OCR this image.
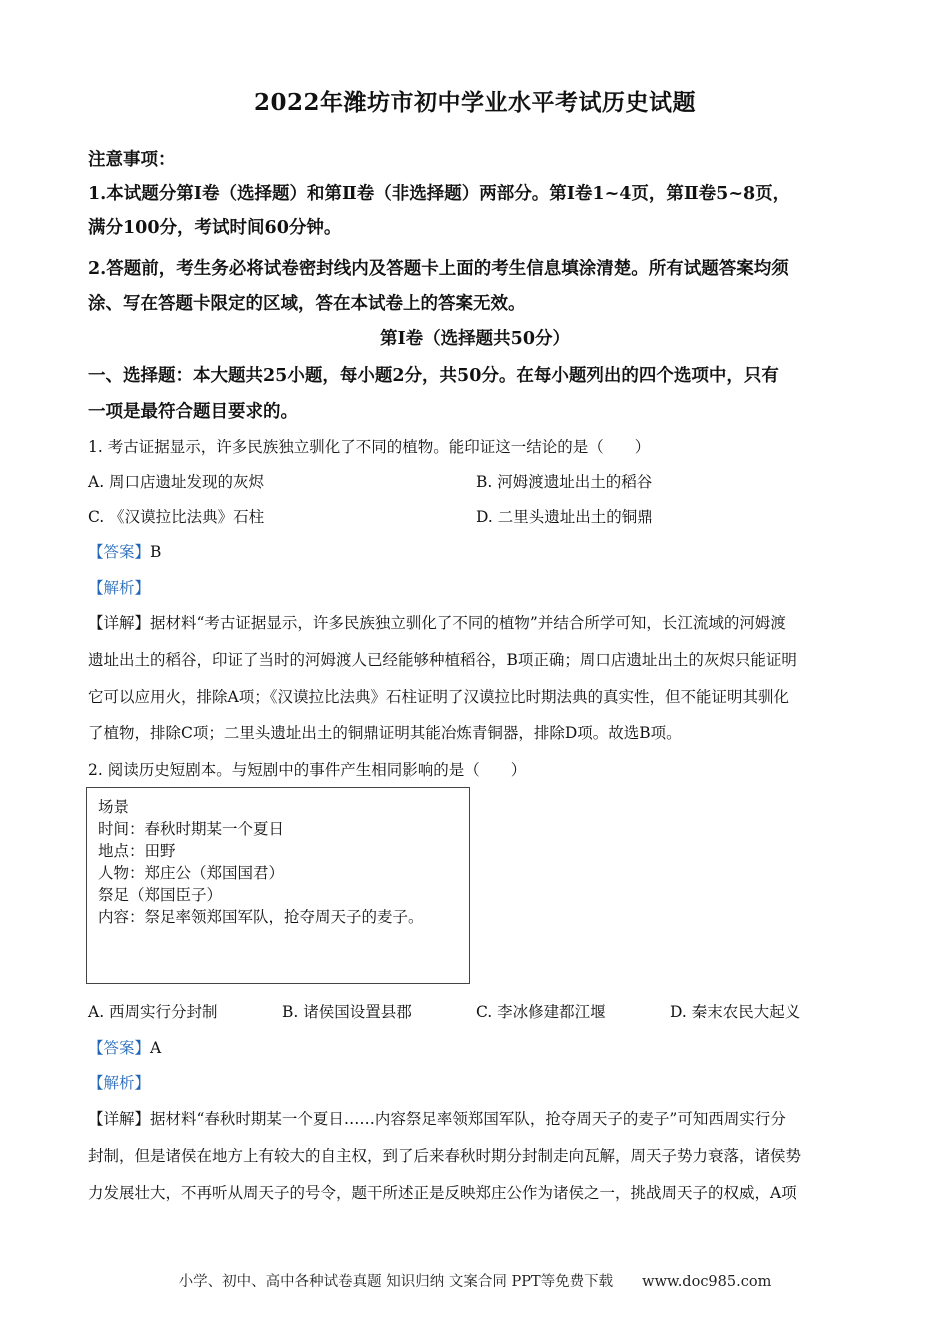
2022年潍坊市初中学业水平考试历史试题
注意事项：
1.本试题分第Ⅰ卷（选择题）和第Ⅱ卷（非选择题）两部分。第Ⅰ卷1~4页，第Ⅱ卷5~8页，
满分100分，考试时间60分钟。
2.答题前，考生务必将试卷密封线内及答题卡上面的考生信息填涂清楚。所有试题答案均须
涂、写在答题卡限定的区域，答在本试卷上的答案无效。
第Ⅰ卷（选择题共50分）
一、选择题：本大题共25小题，每小题2分，共50分。在每小题列出的四个选项中，只有
一项是最符合题目要求的。
1. 考古证据显示，许多民族独立驯化了不同的植物。能印证这一结论的是（　　）
A. 周口店遗址发现的灰烬	B. 河姆渡遗址出土的稻谷
C. 《汉谟拉比法典》石柱	D. 二里头遗址出土的铜鼎
【答案】B
【解析】
【详解】据材料“考古证据显示，许多民族独立驯化了不同的植物”并结合所学可知，长江流域的河姆渡
遗址出土的稻谷，印证了当时的河姆渡人已经能够种植稻谷，B项正确；周口店遗址出土的灰烬只能证明
它可以应用火，排除A项；《汉谟拉比法典》石柱证明了汉谟拉比时期法典的真实性，但不能证明其驯化
了植物，排除C项；二里头遗址出土的铜鼎证明其能冶炼青铜器，排除D项。故选B项。
2. 阅读历史短剧本。与短剧中的事件产生相同影响的是（　　）
场景
时间：春秋时期某一个夏日
地点：田野
人物：郑庄公（郑国国君）
祭足（郑国臣子）
内容：祭足率领郑国军队，抢夺周天子的麦子。
A. 西周实行分封制	B. 诸侯国设置县郡	C. 李冰修建都江堰	D. 秦末农民大起义
【答案】A
【解析】
【详解】据材料“春秋时期某一个夏日……内容祭足率领郑国军队，抢夺周天子的麦子”可知西周实行分
封制，但是诸侯在地方上有较大的自主权，到了后来春秋时期分封制走向瓦解，周天子势力衰落，诸侯势
力发展壮大，不再听从周天子的号令，题干所述正是反映郑庄公作为诸侯之一，挑战周天子的权威，A项
小学、初中、高中各种试卷真题 知识归纳 文案合同 PPT等免费下载　　www.doc985.com
